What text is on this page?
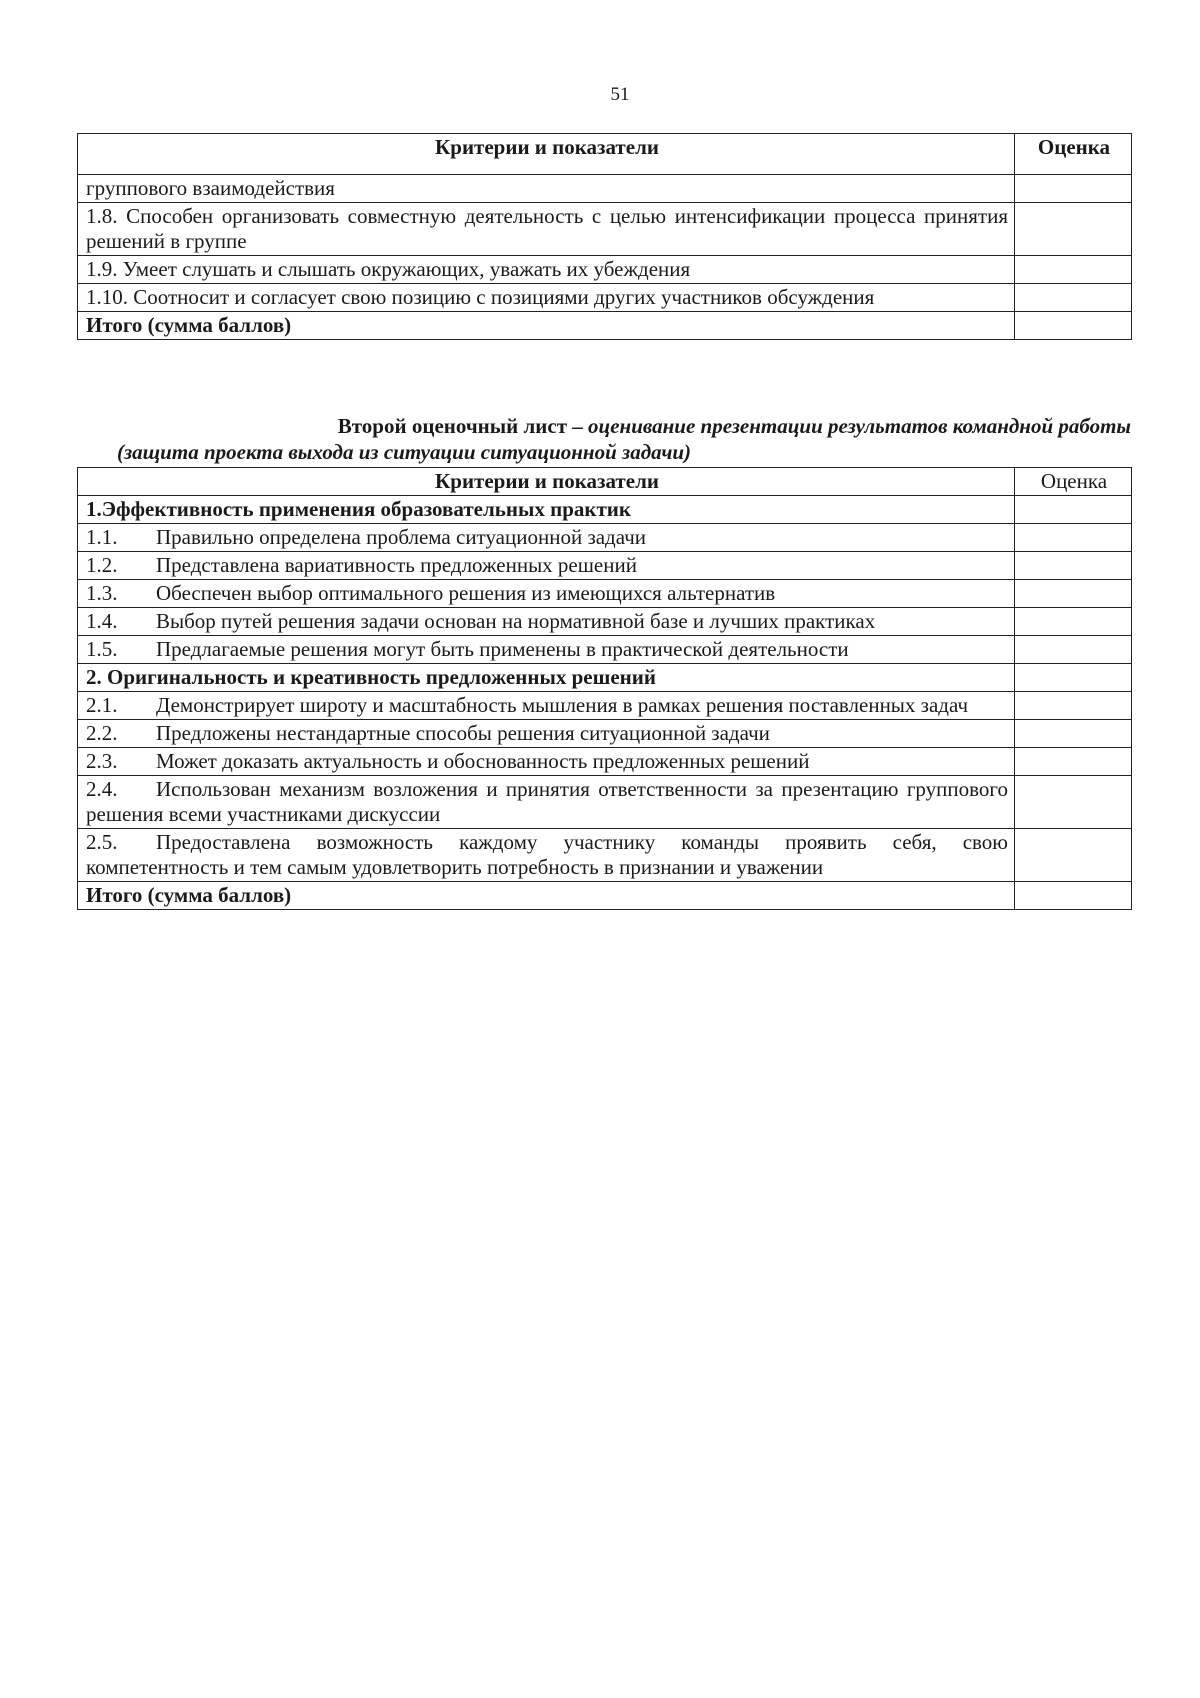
51
Критерии и показатели	Оценка
группового взаимодействия	
1.8. Способен организовать совместную деятельность с целью интенсификации процесса принятия решений в группе	
1.9. Умеет слушать и слышать окружающих, уважать их убеждения	
1.10. Соотносит и согласует свою позицию с позициями других участников обсуждения	
Итого (сумма баллов)	
Второй оценочный лист – оценивание презентации результатов командной работы
(защита проекта выхода из ситуации ситуационной задачи)
Критерии и показатели	Оценка
1.Эффективность применения образовательных практик	
1.1. Правильно определена проблема ситуационной задачи	
1.2. Представлена вариативность предложенных решений	
1.3. Обеспечен выбор оптимального решения из имеющихся альтернатив	
1.4. Выбор путей решения задачи основан на нормативной базе и лучших практиках	
1.5. Предлагаемые решения могут быть применены в практической деятельности	
2. Оригинальность и креативность предложенных решений	
2.1. Демонстрирует широту и масштабность мышления в рамках решения поставленных задач	
2.2. Предложены нестандартные способы решения ситуационной задачи	
2.3. Может доказать актуальность и обоснованность предложенных решений	
2.4. Использован механизм возложения и принятия ответственности за презентацию группового решения всеми участниками дискуссии	
2.5. Предоставлена возможность каждому участнику команды проявить себя, свою компетентность и тем самым удовлетворить потребность в признании и уважении	
Итого (сумма баллов)	
